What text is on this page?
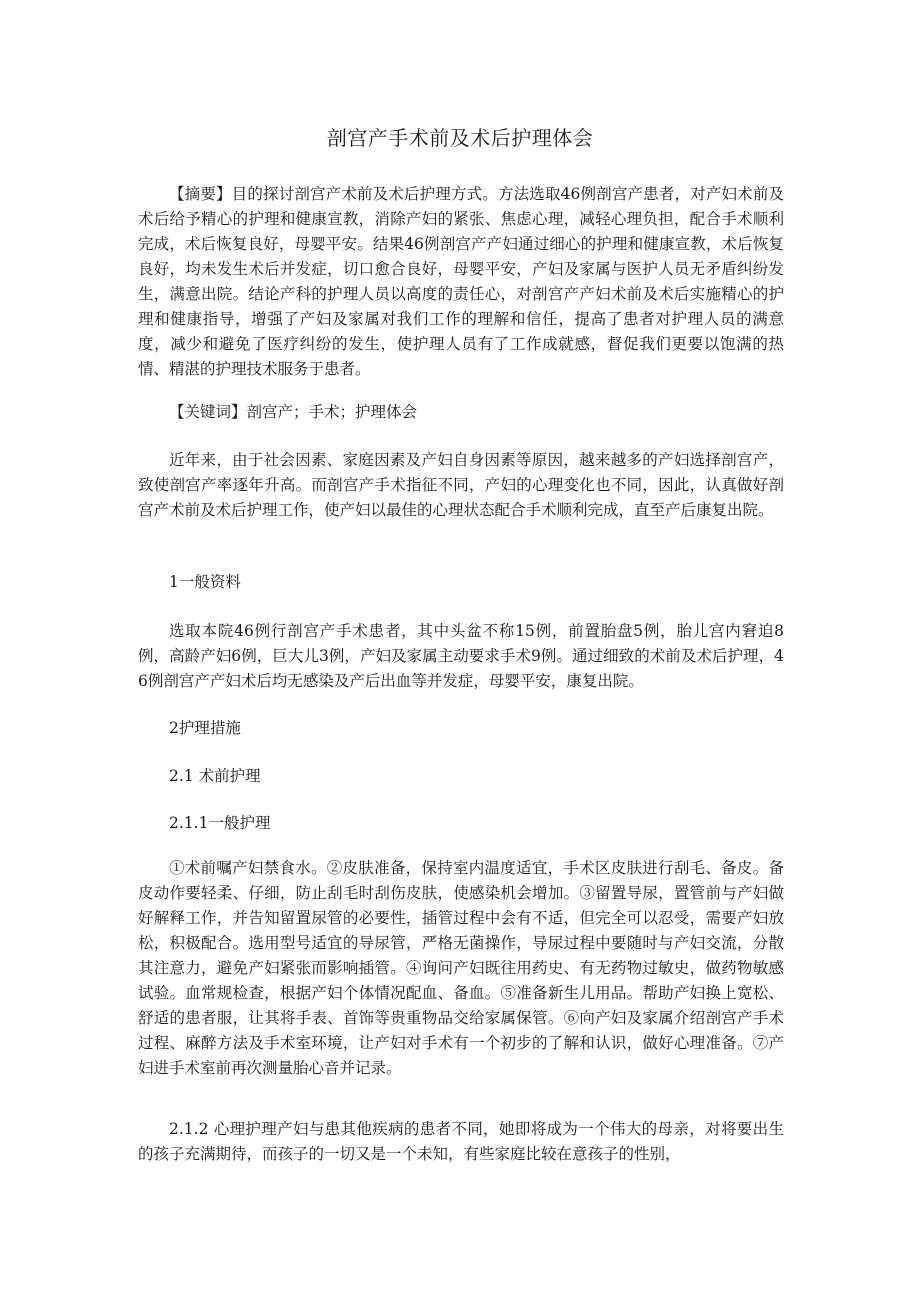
剖宫产手术前及术后护理体会

【摘要】目的探讨剖宫产术前及术后护理方式。方法选取46例剖宫产患者，对产妇术前及术后给予精心的护理和健康宣教，消除产妇的紧张、焦虑心理，减轻心理负担，配合手术顺利完成，术后恢复良好，母婴平安。结果46例剖宫产产妇通过细心的护理和健康宣教，术后恢复良好，均未发生术后并发症，切口愈合良好，母婴平安，产妇及家属与医护人员无矛盾纠纷发生，满意出院。结论产科的护理人员以高度的责任心，对剖宫产产妇术前及术后实施精心的护理和健康指导，增强了产妇及家属对我们工作的理解和信任，提高了患者对护理人员的满意度，减少和避免了医疗纠纷的发生，使护理人员有了工作成就感，督促我们更要以饱满的热情、精湛的护理技术服务于患者。

【关键词】剖宫产；手术；护理体会

近年来，由于社会因素、家庭因素及产妇自身因素等原因，越来越多的产妇选择剖宫产，致使剖宫产率逐年升高。而剖宫产手术指征不同，产妇的心理变化也不同，因此，认真做好剖宫产术前及术后护理工作，使产妇以最佳的心理状态配合手术顺利完成，直至产后康复出院。

1一般资料

选取本院46例行剖宫产手术患者，其中头盆不称15例，前置胎盘5例，胎儿宫内窘迫8例，高龄产妇6例，巨大儿3例，产妇及家属主动要求手术9例。通过细致的术前及术后护理，46例剖宫产产妇术后均无感染及产后出血等并发症，母婴平安，康复出院。

2护理措施

2.1 术前护理

2.1.1一般护理

①术前嘱产妇禁食水。②皮肤准备，保持室内温度适宜，手术区皮肤进行刮毛、备皮。备皮动作要轻柔、仔细，防止刮毛时刮伤皮肤，使感染机会增加。③留置导尿，置管前与产妇做好解释工作，并告知留置尿管的必要性，插管过程中会有不适，但完全可以忍受，需要产妇放松，积极配合。选用型号适宜的导尿管，严格无菌操作，导尿过程中要随时与产妇交流，分散其注意力，避免产妇紧张而影响插管。④询问产妇既往用药史、有无药物过敏史，做药物敏感试验。血常规检查，根据产妇个体情况配血、备血。⑤准备新生儿用品。帮助产妇换上宽松、舒适的患者服，让其将手表、首饰等贵重物品交给家属保管。⑥向产妇及家属介绍剖宫产手术过程、麻醉方法及手术室环境，让产妇对手术有一个初步的了解和认识，做好心理准备。⑦产妇进手术室前再次测量胎心音并记录。

2.1.2 心理护理产妇与患其他疾病的患者不同，她即将成为一个伟大的母亲，对将要出生的孩子充满期待，而孩子的一切又是一个未知，有些家庭比较在意孩子的性别，
